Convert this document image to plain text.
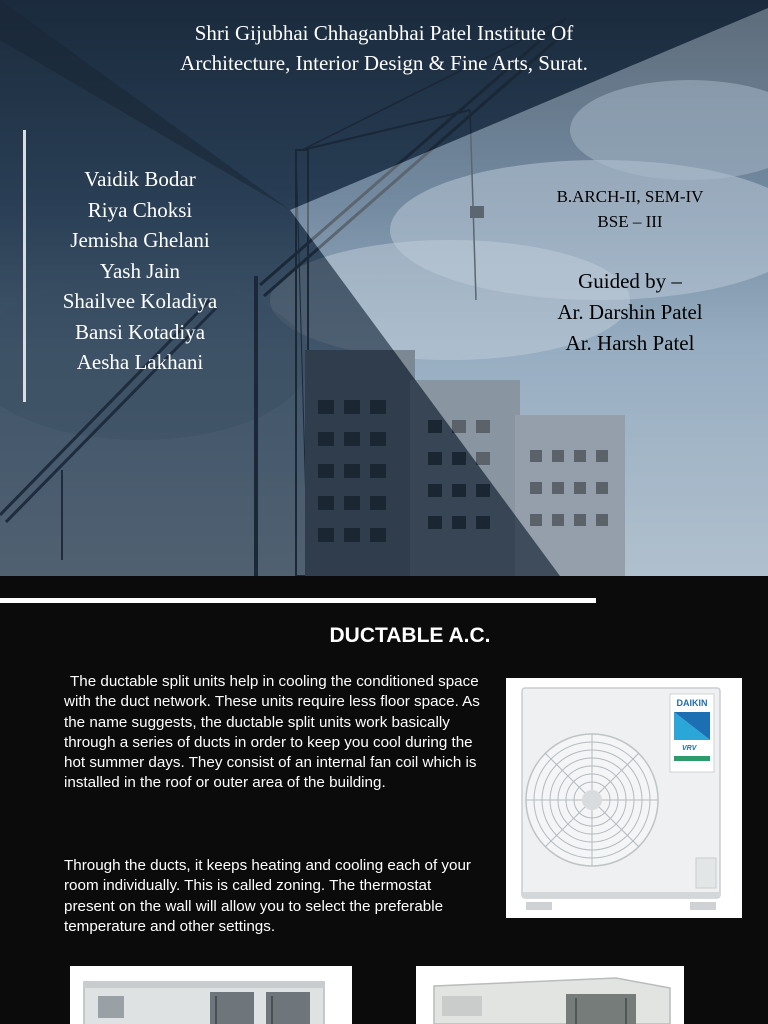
Shri Gijubhai Chhaganbhai Patel Institute Of
Architecture, Interior Design & Fine Arts, Surat.
Vaidik Bodar
Riya Choksi
Jemisha Ghelani
Yash Jain
Shailvee Koladiya
Bansi Kotadiya
Aesha Lakhani
B.ARCH-II, SEM-IV
BSE – III
Guided by –
Ar. Darshin Patel
Ar. Harsh Patel
DUCTABLE A.C.

The ductable split units help in cooling the conditioned space with the duct network. These units require less floor space. As the name suggests, the ductable split units work basically through a series of ducts in order to keep you cool during the hot summer days. They consist of an internal fan coil which is installed in the roof or outer area of the building.

Through the ducts, it keeps heating and cooling each of your room individually. This is called zoning. The thermostat present on the wall will allow you to select the preferable temperature and other settings.

DAIKIN
VRV
